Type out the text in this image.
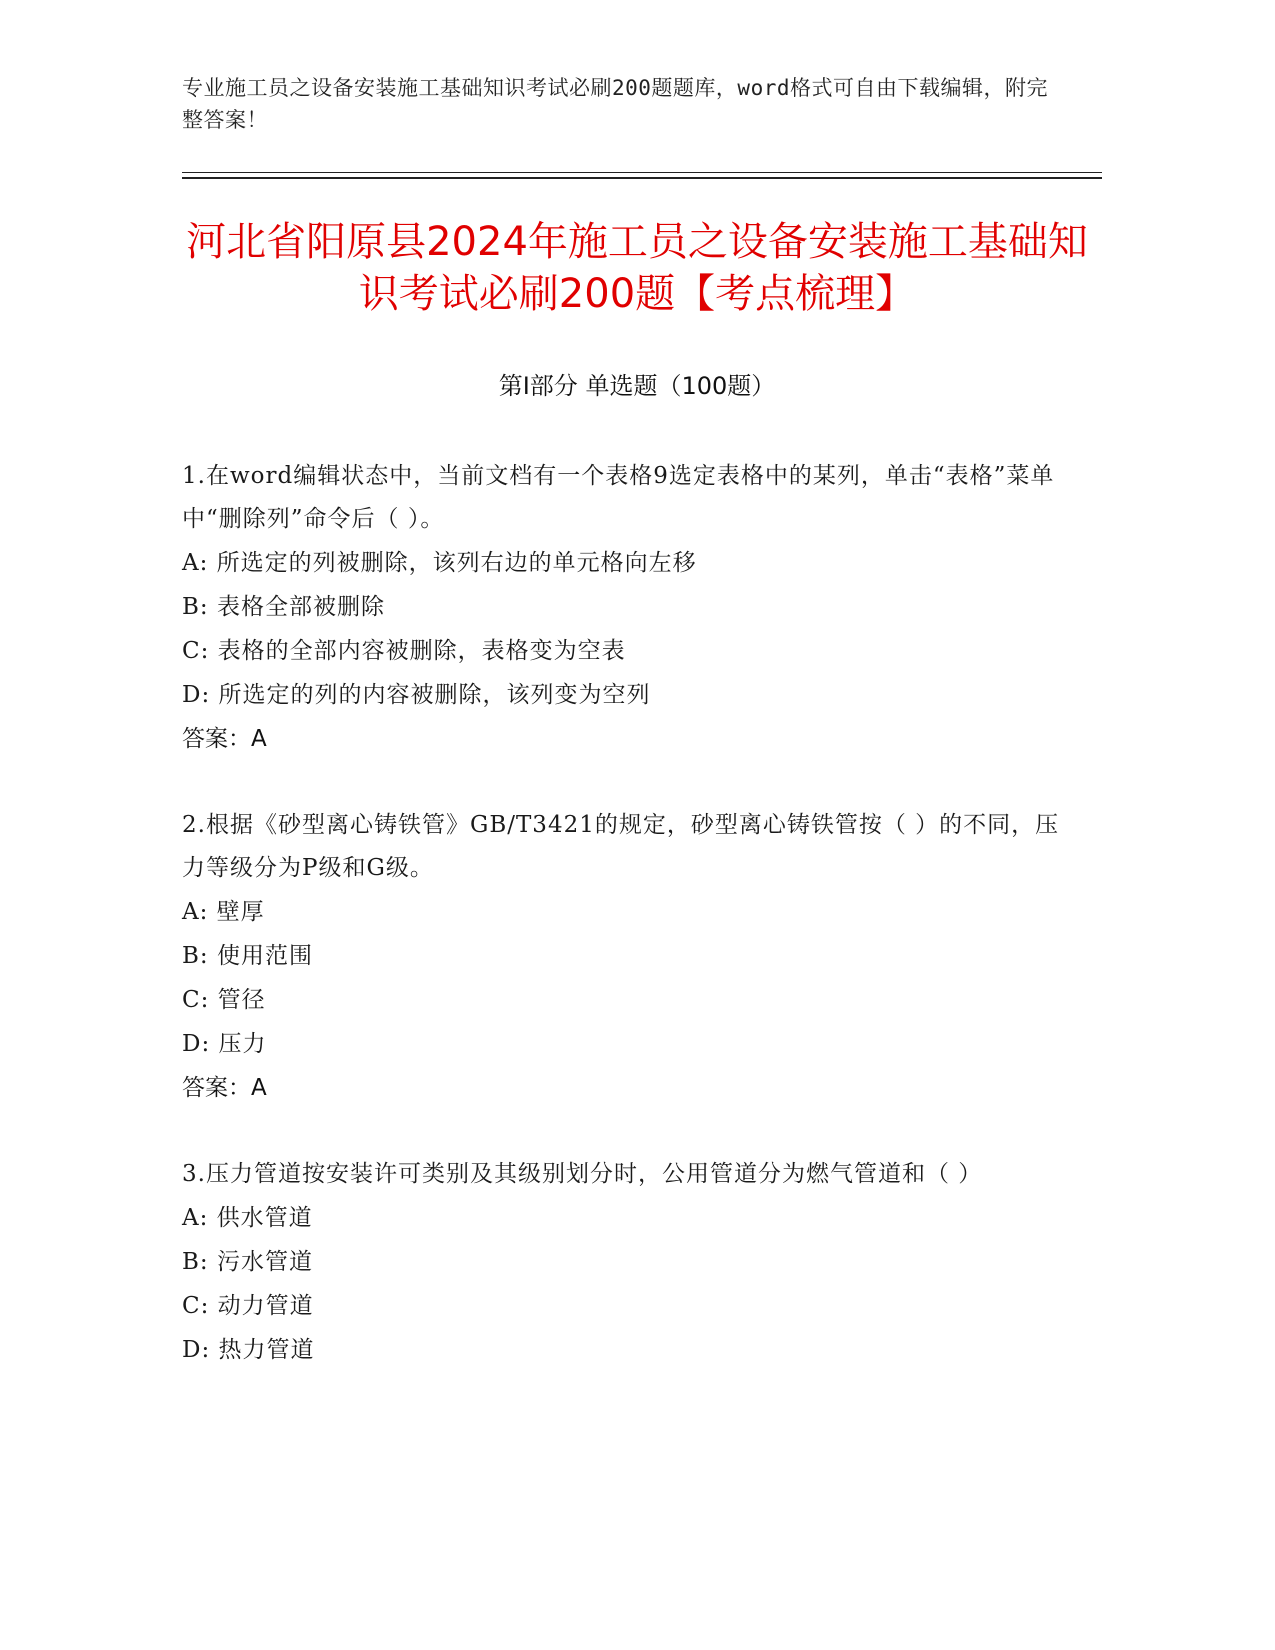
专业施工员之设备安装施工基础知识考试必刷200题题库，word格式可自由下载编辑，附完整答案！
河北省阳原县2024年施工员之设备安装施工基础知识考试必刷200题【考点梳理】
第I部分 单选题（100题）
1.在word编辑状态中，当前文档有一个表格9选定表格中的某列，单击“表格”菜单中“删除列”命令后（ ）。
A: 所选定的列被删除，该列右边的单元格向左移
B: 表格全部被删除
C: 表格的全部内容被删除，表格变为空表
D: 所选定的列的内容被删除，该列变为空列
答案：A
2.根据《砂型离心铸铁管》GB/T3421的规定，砂型离心铸铁管按（ ）的不同，压力等级分为P级和G级。
A: 壁厚
B: 使用范围
C: 管径
D: 压力
答案：A
3.压力管道按安装许可类别及其级别划分时，公用管道分为燃气管道和（ ）
A: 供水管道
B: 污水管道
C: 动力管道
D: 热力管道
